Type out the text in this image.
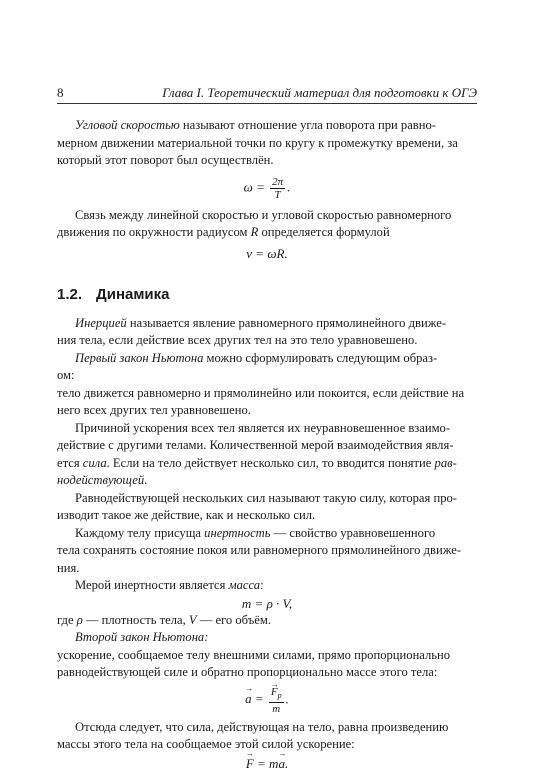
8	Глава I. Теоретический материал для подготовки к ОГЭ

Угловой скоростью называют отношение угла поворота при равно-

мерном движении материальной точки по кругу к промежутку времени, за

который этот поворот был осуществлён.

$\omega = \frac{2\pi}{T}$ .

Связь между линейной скоростью и угловой скоростью равномерного

движения по окружности радиусом R определяется формулой

v = ωR.

1.2. Динамика

Инерцией называется явление равномерного прямолинейного движе-

ния тела, если действие всех других тел на это тело уравновешено.

Первый закон Ньютона можно сформулировать следующим образ-

ом:

тело движется равномерно и прямолинейно или покоится, если действие на

него всех других тел уравновешено.

Причиной ускорения всех тел является их неуравновешенное взаимо-

действие с другими телами. Количественной мерой взаимодействия явля-

ется сила. Если на тело действует несколько сил, то вводится понятие рав-

нодействующей.

Равнодействующей нескольких сил называют такую силу, которая про-

изводит такое же действие, как и несколько сил.

Каждому телу присуща инертность — свойство уравновешенного

тела сохранять состояние покоя или равномерного прямолинейного движе-

ния.

Мерой инертности является масса:

m = ρ · V,

где ρ — плотность тела, V — его объём.

Второй закон Ньютона:

ускорение, сообщаемое телу внешними силами, прямо пропорционально

равнодействующей силе и обратно пропорционально массе этого тела:

→ a =
→ $\frac{F_р}{m}$ .

Отсюда следует, что сила, действующая на тело, равна произведению

массы этого тела на сообщаемое этой силой ускорение:

→ F = m→ a.
